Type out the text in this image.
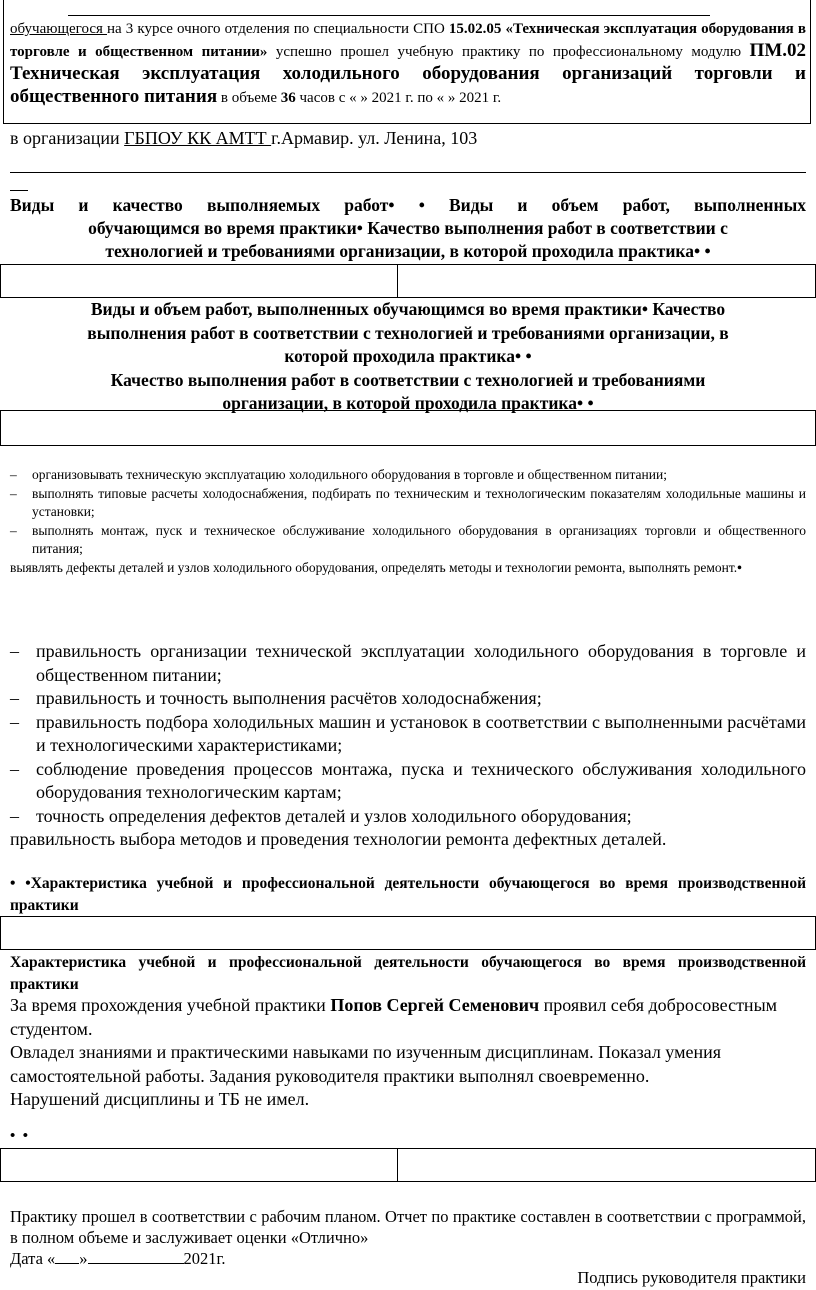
обучающегося на 3 курсе очного отделения по специальности СПО 15.02.05 «Техническая эксплуатация оборудования в торговле и общественном питании» успешно прошел учебную практику по профессиональному модулю ПМ.02 Техническая эксплуатация холодильного оборудования организаций торговли и общественного питания в объеме 36 часов с « » 2021 г. по « » 2021 г.
в организации ГБПОУ КК АМТТ г.Армавир. ул. Ленина, 103
Виды и качество выполняемых работ• • Виды и объем работ, выполненных
обучающимся во время практики• Качество выполнения работ в соответствии с
технологией и требованиями организации, в которой проходила практика• •
Виды и объем работ, выполненных обучающимся во время практики• Качество
выполнения работ в соответствии с технологией и требованиями организации, в
которой проходила практика• •
Качество выполнения работ в соответствии с технологией и требованиями
организации, в которой проходила практика• •
– организовывать техническую эксплуатацию холодильного оборудования в торговле и общественном питании;
– выполнять типовые расчеты холодоснабжения, подбирать по техническим и технологическим показателям холодильные машины и установки;
– выполнять монтаж, пуск и техническое обслуживание холодильного оборудования в организациях торговли и общественного питания;
выявлять дефекты деталей и узлов холодильного оборудования, определять методы и технологии ремонта, выполнять ремонт.•
– правильность организации технической эксплуатации холодильного оборудования в торговле и общественном питании;
– правильность и точность выполнения расчётов холодоснабжения;
– правильность подбора холодильных машин и установок в соответствии с выполненными расчётами и технологическими характеристиками;
– соблюдение проведения процессов монтажа, пуска и технического обслуживания холодильного оборудования технологическим картам;
– точность определения дефектов деталей и узлов холодильного оборудования;
правильность выбора методов и проведения технологии ремонта дефектных деталей.
• •Характеристика учебной и профессиональной деятельности обучающегося во время производственной практики
Характеристика учебной и профессиональной деятельности обучающегося во время производственной практики
За время прохождения учебной практики Попов Сергей Семенович проявил себя добросовестным студентом.
Овладел знаниями и практическими навыками по изученным дисциплинам. Показал умения самостоятельной работы. Задания руководителя практики выполнял своевременно.
Нарушений дисциплины и ТБ не имел.
• •
Практику прошел в соответствии с рабочим планом. Отчет по практике составлен в соответствии с программой, в полном объеме и заслуживает оценки «Отлично»
Дата « »	2021г.
Подпись руководителя практики
